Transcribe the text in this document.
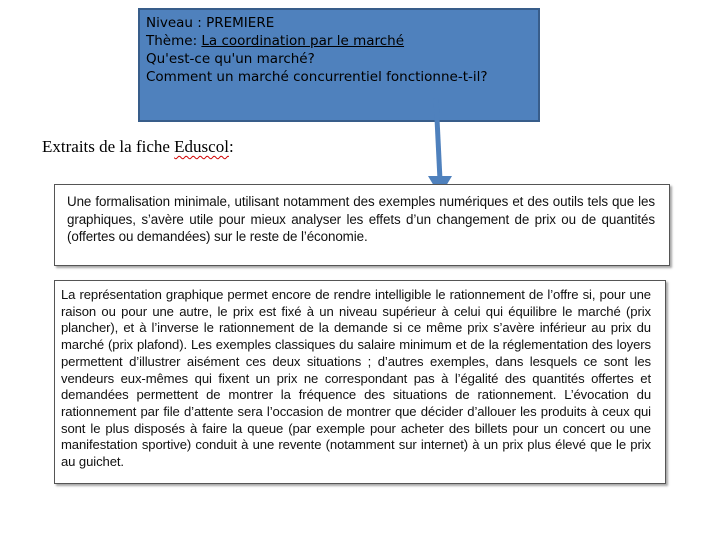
Niveau : PREMIERE
Thème: La coordination par le marché
Qu'est-ce qu'un marché?
Comment un marché concurrentiel fonctionne-t-il?
Extraits de la fiche Eduscol:
Une formalisation minimale, utilisant notamment des exemples numériques et des outils tels que les graphiques, s’avère utile pour mieux analyser les effets d’un changement de prix ou de quantités (offertes ou demandées) sur le reste de l’économie.
La représentation graphique permet encore de rendre intelligible le rationnement de l’offre si, pour une raison ou pour une autre, le prix est fixé à un niveau supérieur à celui qui équilibre le marché (prix plancher), et à l’inverse le rationnement de la demande si ce même prix s’avère inférieur au prix du marché (prix plafond). Les exemples classiques du salaire minimum et de la réglementation des loyers permettent d’illustrer aisément ces deux situations ; d’autres exemples, dans lesquels ce sont les vendeurs eux-mêmes qui fixent un prix ne correspondant pas à l’égalité des quantités offertes et demandées permettent de montrer la fréquence des situations de rationnement. L’évocation du rationnement par file d’attente sera l’occasion de montrer que décider d’allouer les produits à ceux qui sont le plus disposés à faire la queue (par exemple pour acheter des billets pour un concert ou une manifestation sportive) conduit à une revente (notamment sur internet) à un prix plus élevé que le prix au guichet.
